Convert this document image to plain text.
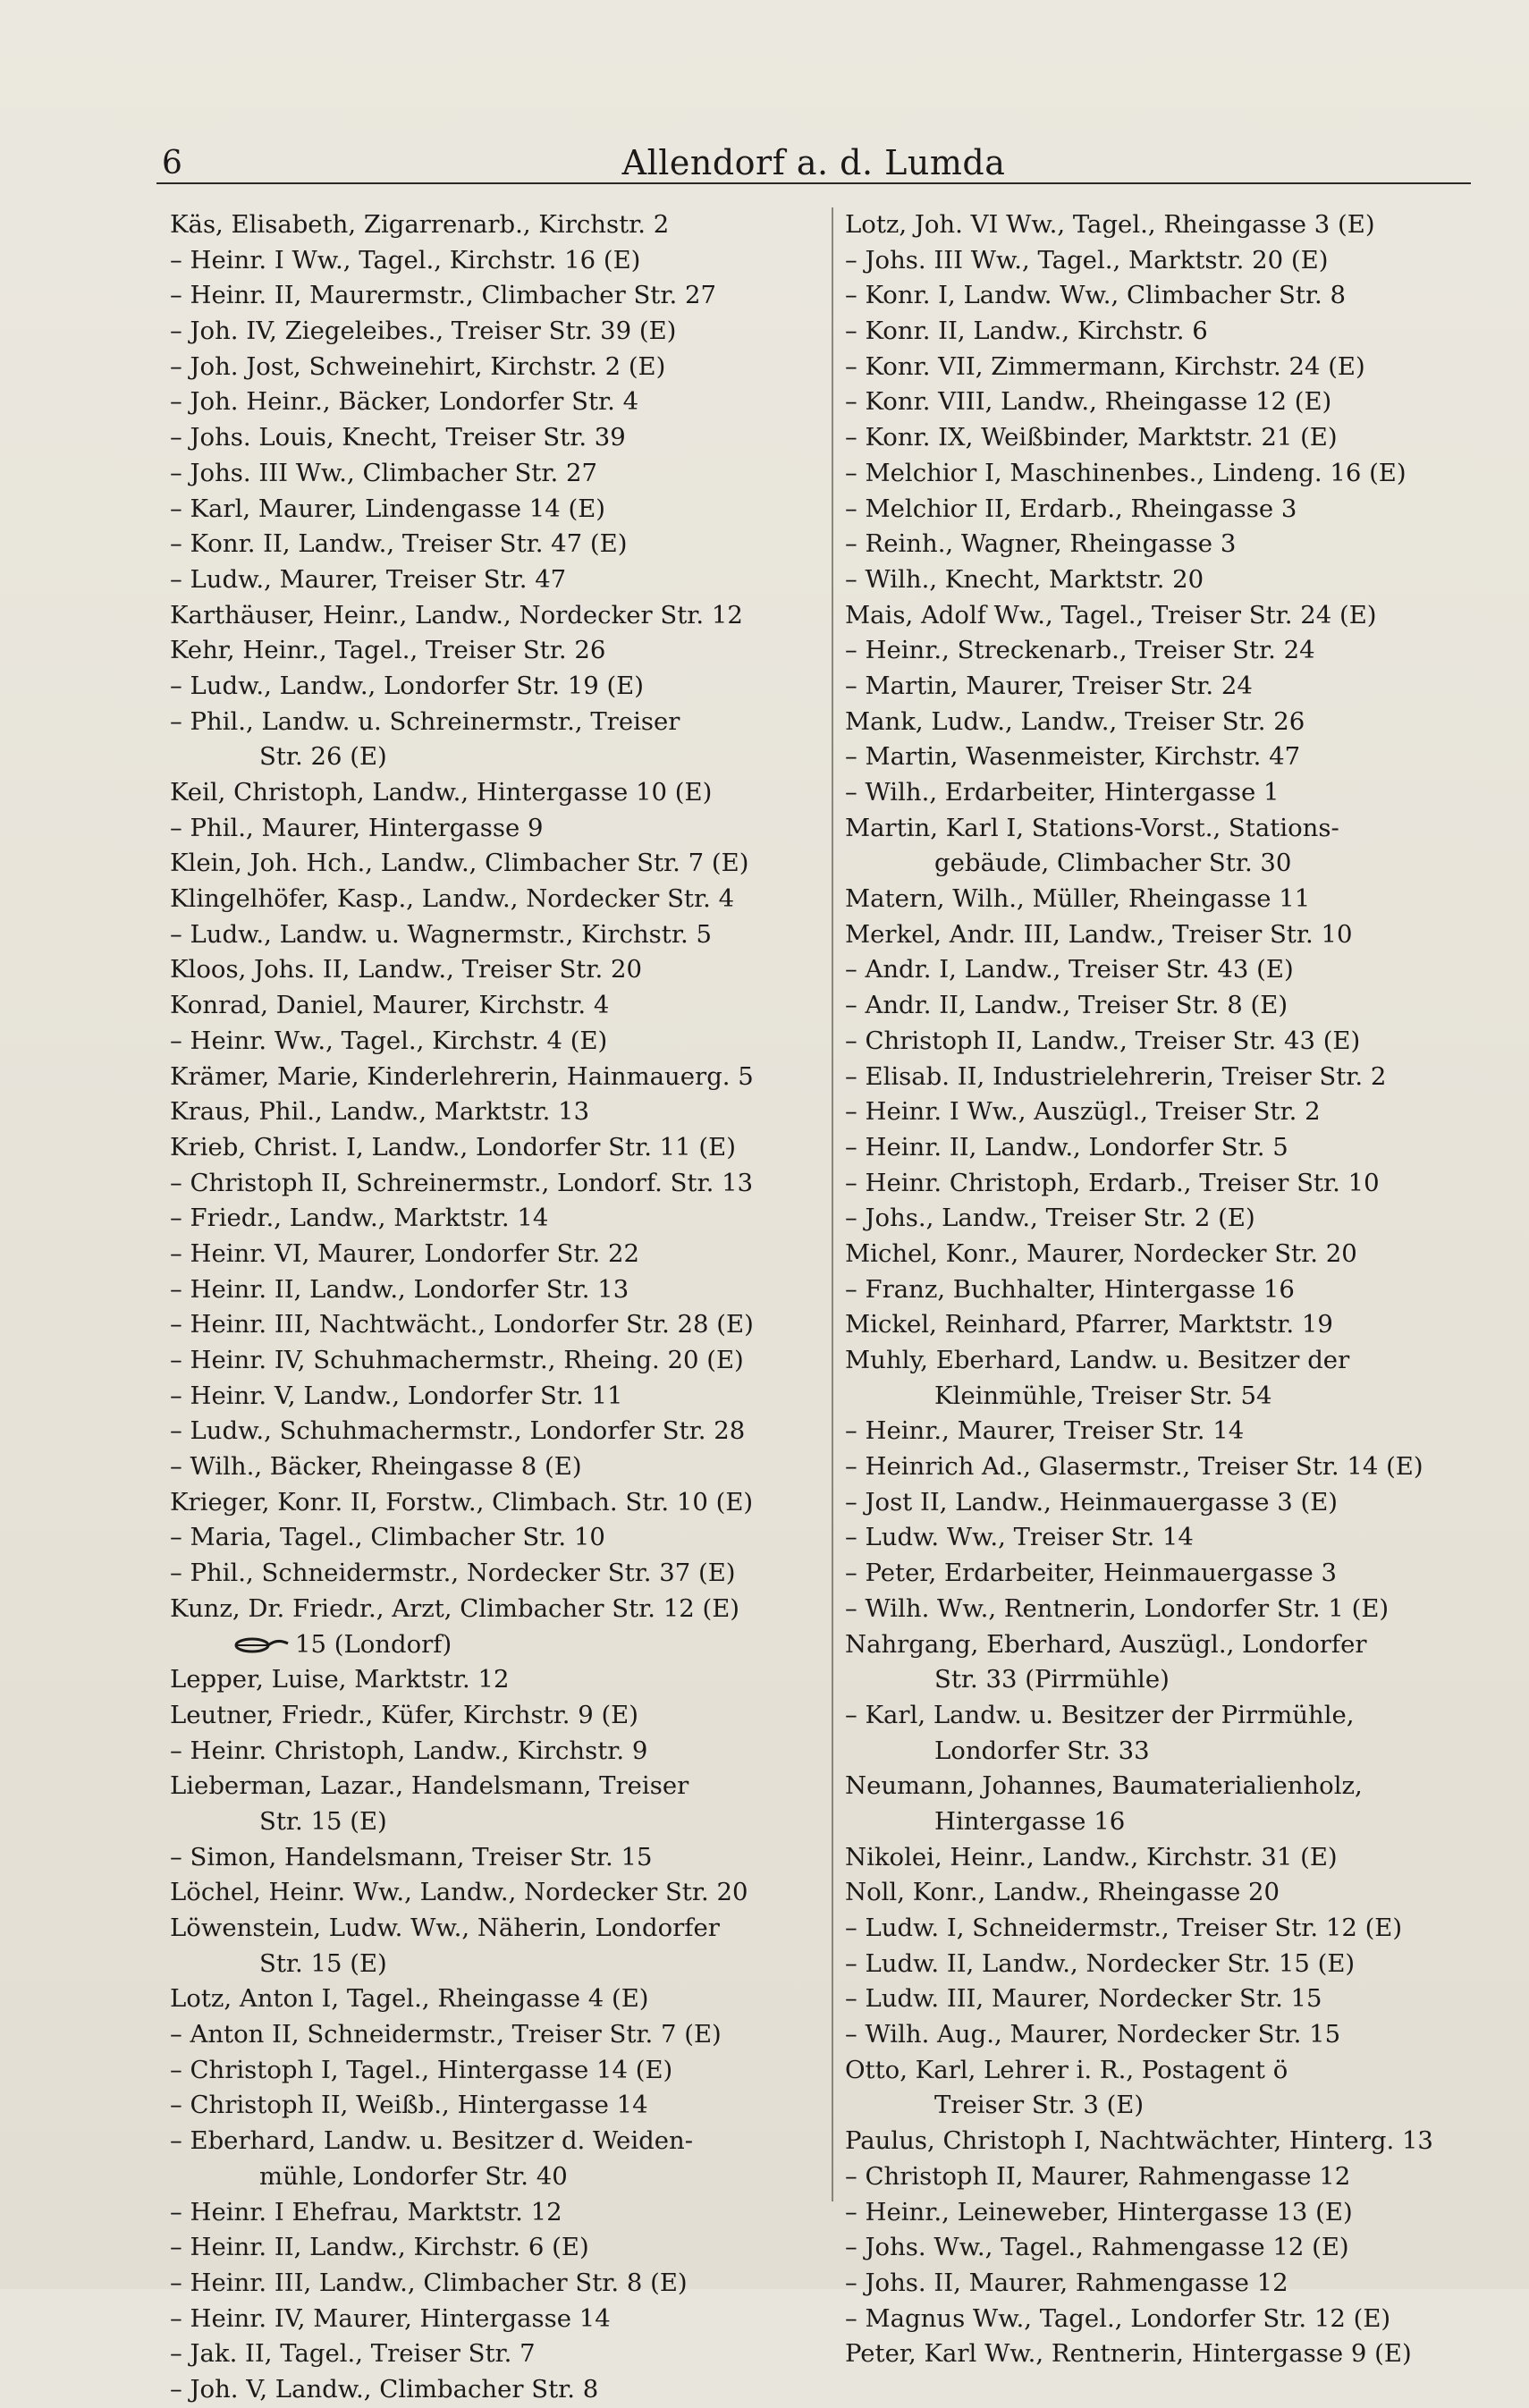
6	Allendorf a. d. Lumda
Käs, Elisabeth, Zigarrenarb., Kirchstr. 2
– Heinr. I Ww., Tagel., Kirchstr. 16 (E)
– Heinr. II, Maurermstr., Climbacher Str. 27
– Joh. IV, Ziegeleibes., Treiser Str. 39 (E)
– Joh. Jost, Schweinehirt, Kirchstr. 2 (E)
– Joh. Heinr., Bäcker, Londorfer Str. 4
– Johs. Louis, Knecht, Treiser Str. 39
– Johs. III Ww., Climbacher Str. 27
– Karl, Maurer, Lindengasse 14 (E)
– Konr. II, Landw., Treiser Str. 47 (E)
– Ludw., Maurer, Treiser Str. 47
Karthäuser, Heinr., Landw., Nordecker Str. 12
Kehr, Heinr., Tagel., Treiser Str. 26
– Ludw., Landw., Londorfer Str. 19 (E)
– Phil., Landw. u. Schreinermstr., Treiser
Str. 26 (E)
Keil, Christoph, Landw., Hintergasse 10 (E)
– Phil., Maurer, Hintergasse 9
Klein, Joh. Hch., Landw., Climbacher Str. 7 (E)
Klingelhöfer, Kasp., Landw., Nordecker Str. 4
– Ludw., Landw. u. Wagnermstr., Kirchstr. 5
Kloos, Johs. II, Landw., Treiser Str. 20
Konrad, Daniel, Maurer, Kirchstr. 4
– Heinr. Ww., Tagel., Kirchstr. 4 (E)
Krämer, Marie, Kinderlehrerin, Hainmauerg. 5
Kraus, Phil., Landw., Marktstr. 13
Krieb, Christ. I, Landw., Londorfer Str. 11 (E)
– Christoph II, Schreinermstr., Londorf. Str. 13
– Friedr., Landw., Marktstr. 14
– Heinr. VI, Maurer, Londorfer Str. 22
– Heinr. II, Landw., Londorfer Str. 13
– Heinr. III, Nachtwächt., Londorfer Str. 28 (E)
– Heinr. IV, Schuhmachermstr., Rheing. 20 (E)
– Heinr. V, Landw., Londorfer Str. 11
– Ludw., Schuhmachermstr., Londorfer Str. 28
– Wilh., Bäcker, Rheingasse 8 (E)
Krieger, Konr. II, Forstw., Climbach. Str. 10 (E)
– Maria, Tagel., Climbacher Str. 10
– Phil., Schneidermstr., Nordecker Str. 37 (E)
Kunz, Dr. Friedr., Arzt, Climbacher Str. 12 (E)
15 (Londorf)
Lepper, Luise, Marktstr. 12
Leutner, Friedr., Küfer, Kirchstr. 9 (E)
– Heinr. Christoph, Landw., Kirchstr. 9
Lieberman, Lazar., Handelsmann, Treiser
Str. 15 (E)
– Simon, Handelsmann, Treiser Str. 15
Löchel, Heinr. Ww., Landw., Nordecker Str. 20
Löwenstein, Ludw. Ww., Näherin, Londorfer
Str. 15 (E)
Lotz, Anton I, Tagel., Rheingasse 4 (E)
– Anton II, Schneidermstr., Treiser Str. 7 (E)
– Christoph I, Tagel., Hintergasse 14 (E)
– Christoph II, Weißb., Hintergasse 14
– Eberhard, Landw. u. Besitzer d. Weiden-
mühle, Londorfer Str. 40
– Heinr. I Ehefrau, Marktstr. 12
– Heinr. II, Landw., Kirchstr. 6 (E)
– Heinr. III, Landw., Climbacher Str. 8 (E)
– Heinr. IV, Maurer, Hintergasse 14
– Jak. II, Tagel., Treiser Str. 7
– Joh. V, Landw., Climbacher Str. 8
Lotz, Joh. VI Ww., Tagel., Rheingasse 3 (E)
– Johs. III Ww., Tagel., Marktstr. 20 (E)
– Konr. I, Landw. Ww., Climbacher Str. 8
– Konr. II, Landw., Kirchstr. 6
– Konr. VII, Zimmermann, Kirchstr. 24 (E)
– Konr. VIII, Landw., Rheingasse 12 (E)
– Konr. IX, Weißbinder, Marktstr. 21 (E)
– Melchior I, Maschinenbes., Lindeng. 16 (E)
– Melchior II, Erdarb., Rheingasse 3
– Reinh., Wagner, Rheingasse 3
– Wilh., Knecht, Marktstr. 20
Mais, Adolf Ww., Tagel., Treiser Str. 24 (E)
– Heinr., Streckenarb., Treiser Str. 24
– Martin, Maurer, Treiser Str. 24
Mank, Ludw., Landw., Treiser Str. 26
– Martin, Wasenmeister, Kirchstr. 47
– Wilh., Erdarbeiter, Hintergasse 1
Martin, Karl I, Stations-Vorst., Stations-
gebäude, Climbacher Str. 30
Matern, Wilh., Müller, Rheingasse 11
Merkel, Andr. III, Landw., Treiser Str. 10
– Andr. I, Landw., Treiser Str. 43 (E)
– Andr. II, Landw., Treiser Str. 8 (E)
– Christoph II, Landw., Treiser Str. 43 (E)
– Elisab. II, Industrielehrerin, Treiser Str. 2
– Heinr. I Ww., Auszügl., Treiser Str. 2
– Heinr. II, Landw., Londorfer Str. 5
– Heinr. Christoph, Erdarb., Treiser Str. 10
– Johs., Landw., Treiser Str. 2 (E)
Michel, Konr., Maurer, Nordecker Str. 20
– Franz, Buchhalter, Hintergasse 16
Mickel, Reinhard, Pfarrer, Marktstr. 19
Muhly, Eberhard, Landw. u. Besitzer der
Kleinmühle, Treiser Str. 54
– Heinr., Maurer, Treiser Str. 14
– Heinrich Ad., Glasermstr., Treiser Str. 14 (E)
– Jost II, Landw., Heinmauergasse 3 (E)
– Ludw. Ww., Treiser Str. 14
– Peter, Erdarbeiter, Heinmauergasse 3
– Wilh. Ww., Rentnerin, Londorfer Str. 1 (E)
Nahrgang, Eberhard, Auszügl., Londorfer
Str. 33 (Pirrmühle)
– Karl, Landw. u. Besitzer der Pirrmühle,
Londorfer Str. 33
Neumann, Johannes, Baumaterialienholz,
Hintergasse 16
Nikolei, Heinr., Landw., Kirchstr. 31 (E)
Noll, Konr., Landw., Rheingasse 20
– Ludw. I, Schneidermstr., Treiser Str. 12 (E)
– Ludw. II, Landw., Nordecker Str. 15 (E)
– Ludw. III, Maurer, Nordecker Str. 15
– Wilh. Aug., Maurer, Nordecker Str. 15
Otto, Karl, Lehrer i. R., Postagent ö
Treiser Str. 3 (E)
Paulus, Christoph I, Nachtwächter, Hinterg. 13
– Christoph II, Maurer, Rahmengasse 12
– Heinr., Leineweber, Hintergasse 13 (E)
– Johs. Ww., Tagel., Rahmengasse 12 (E)
– Johs. II, Maurer, Rahmengasse 12
– Magnus Ww., Tagel., Londorfer Str. 12 (E)
Peter, Karl Ww., Rentnerin, Hintergasse 9 (E)
